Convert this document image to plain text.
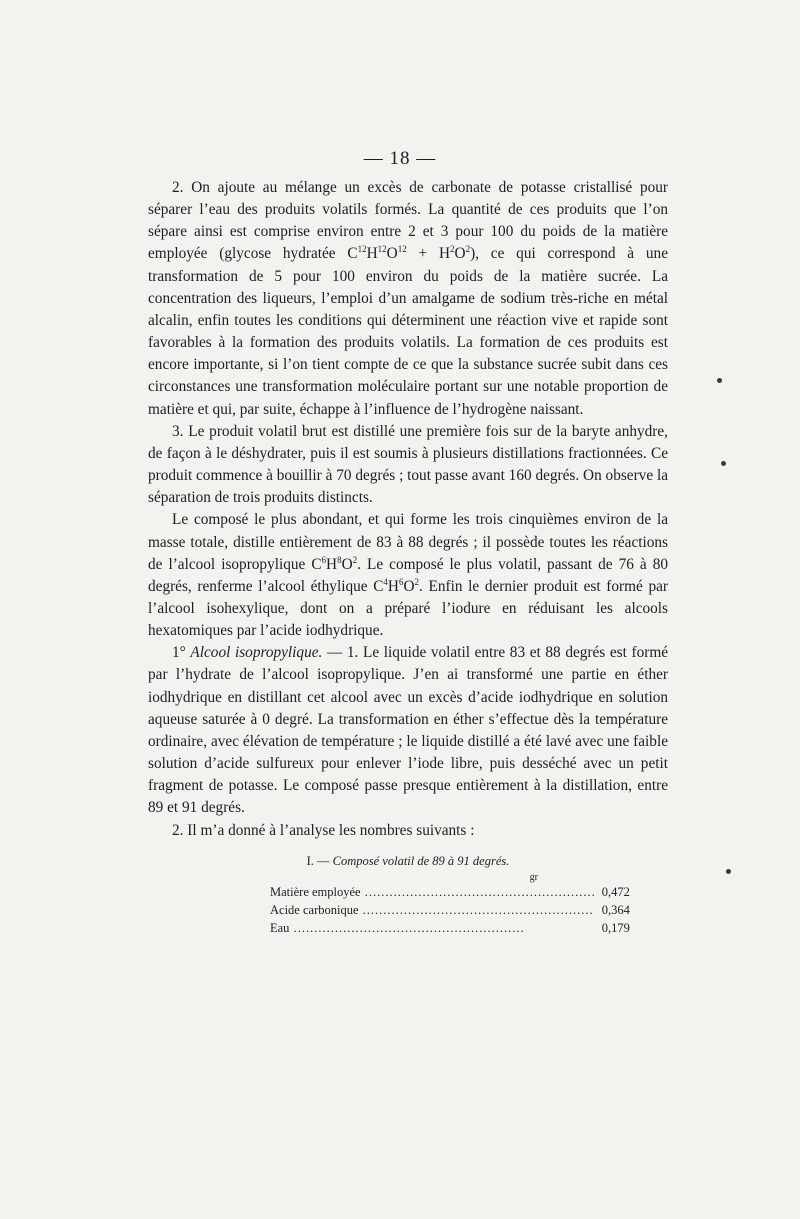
— 18 —

2. On ajoute au mélange un excès de carbonate de potasse cristallisé pour séparer l’eau des produits volatils formés. La quantité de ces produits que l’on sépare ainsi est comprise environ entre 2 et 3 pour 100 du poids de la matière employée (glycose hydratée $C^{12}H^{12}O^{12} + H^2O^2$), ce qui correspond à une transformation de 5 pour 100 environ du poids de la matière sucrée. La concentration des liqueurs, l’emploi d’un amalgame de sodium très-riche en métal alcalin, enfin toutes les conditions qui déterminent une réaction vive et rapide sont favorables à la formation des produits volatils. La formation de ces produits est encore importante, si l’on tient compte de ce que la substance sucrée subit dans ces circonstances une transformation moléculaire portant sur une notable proportion de matière et qui, par suite, échappe à l’influence de l’hydrogène naissant.

3. Le produit volatil brut est distillé une première fois sur de la baryte anhydre, de façon à le déshydrater, puis il est soumis à plusieurs distillations fractionnées. Ce produit commence à bouillir à 70 degrés ; tout passe avant 160 degrés. On observe la séparation de trois produits distincts.

Le composé le plus abondant, et qui forme les trois cinquièmes environ de la masse totale, distille entièrement de 83 à 88 degrés ; il possède toutes les réactions de l’alcool isopropylique $C^6H^8O^2$. Le composé le plus volatil, passant de 76 à 80 degrés, renferme l’alcool éthylique $C^4H^6O^2$. Enfin le dernier produit est formé par l’alcool isohexylique, dont on a préparé l’iodure en réduisant les alcools hexatomiques par l’acide iodhydrique.

1° Alcool isopropylique. — 1. Le liquide volatil entre 83 et 88 degrés est formé par l’hydrate de l’alcool isopropylique. J’en ai transformé une partie en éther iodhydrique en distillant cet alcool avec un excès d’acide iodhydrique en solution aqueuse saturée à 0 degré. La transformation en éther s’effectue dès la température ordinaire, avec élévation de température ; le liquide distillé a été lavé avec une faible solution d’acide sulfureux pour enlever l’iode libre, puis desséché avec un petit fragment de potasse. Le composé passe presque entièrement à la distillation, entre 89 et 91 degrés.

2. Il m’a donné à l’analyse les nombres suivants :

I. — Composé volatil de 89 à 91 degrés.
gr
Matière employée .....	0,472
Acide carbonique .....	0,364
Eau .....	0,179
